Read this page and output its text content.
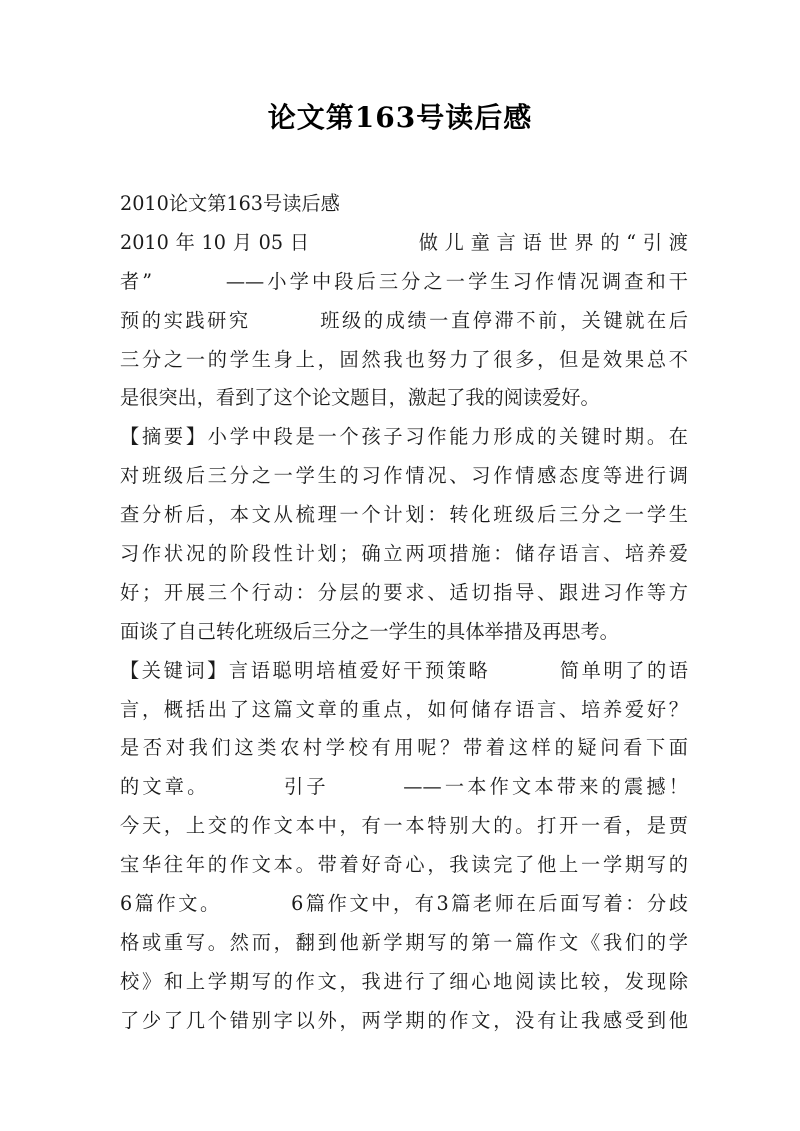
论文第163号读后感
2010论文第163号读后感
2010年10月05日        做儿童言语世界的“引渡
者”        ——小学中段后三分之一学生习作情况调查和干
预的实践研究        班级的成绩一直停滞不前，关键就在后
三分之一的学生身上，固然我也努力了很多，但是效果总不
是很突出，看到了这个论文题目，激起了我的阅读爱好。
【摘要】小学中段是一个孩子习作能力形成的关键时期。在
对班级后三分之一学生的习作情况、习作情感态度等进行调
查分析后，本文从梳理一个计划：转化班级后三分之一学生
习作状况的阶段性计划；确立两项措施：储存语言、培养爱
好；开展三个行动：分层的要求、适切指导、跟进习作等方
面谈了自己转化班级后三分之一学生的具体举措及再思考。
【关键词】言语聪明培植爱好干预策略        简单明了的语
言，概括出了这篇文章的重点，如何储存语言、培养爱好？
是否对我们这类农村学校有用呢？带着这样的疑问看下面
的文章。        引子        ——一本作文本带来的震撼！
今天，上交的作文本中，有一本特别大的。打开一看，是贾
宝华往年的作文本。带着好奇心，我读完了他上一学期写的
6篇作文。        6篇作文中，有3篇老师在后面写着：分歧
格或重写。然而，翻到他新学期写的第一篇作文《我们的学
校》和上学期写的作文，我进行了细心地阅读比较，发现除
了少了几个错别字以外，两学期的作文，没有让我感受到他
